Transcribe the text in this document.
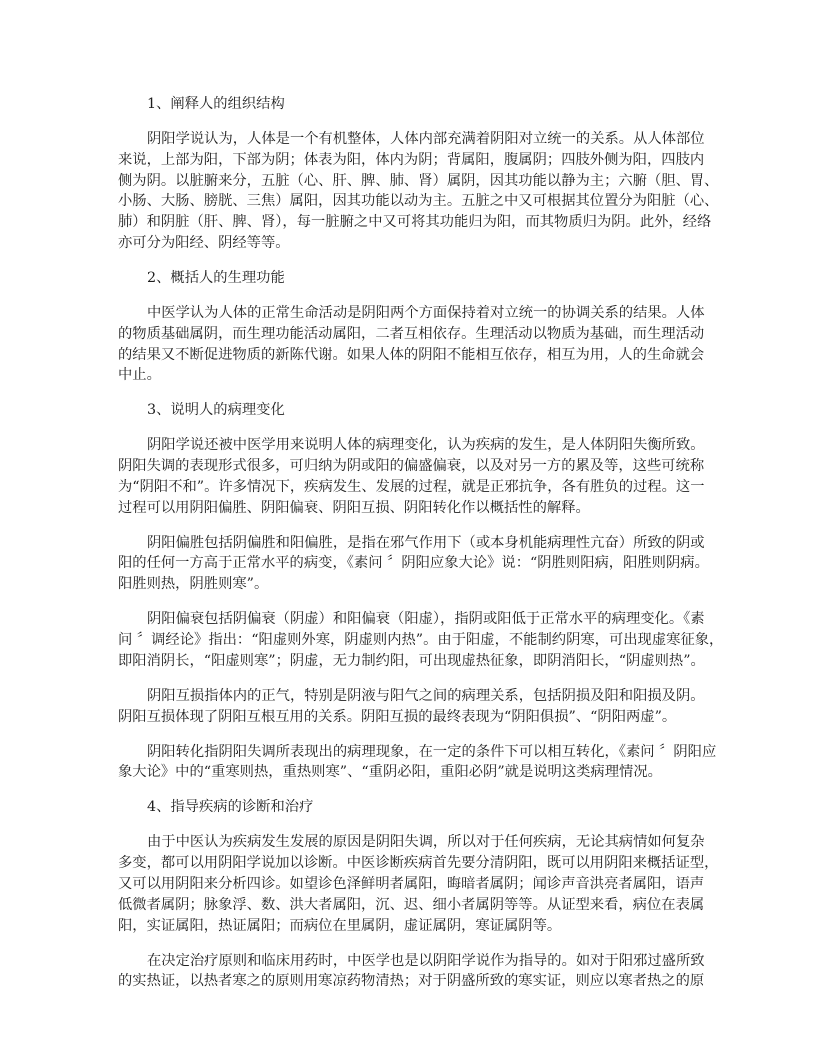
1、阐释人的组织结构
阴阳学说认为，人体是一个有机整体，人体内部充满着阴阳对立统一的关系。从人体部位
来说，上部为阳，下部为阴；体表为阳，体内为阴；背属阳，腹属阴；四肢外侧为阳，四肢内
侧为阴。以脏腑来分，五脏（心、肝、脾、肺、肾）属阴，因其功能以静为主；六腑（胆、胃、
小肠、大肠、膀胱、三焦）属阳，因其功能以动为主。五脏之中又可根据其位置分为阳脏（心、
肺）和阴脏（肝、脾、肾），每一脏腑之中又可将其功能归为阳，而其物质归为阴。此外，经络
亦可分为阳经、阴经等等。
2、概括人的生理功能
中医学认为人体的正常生命活动是阴阳两个方面保持着对立统一的协调关系的结果。人体
的物质基础属阴，而生理功能活动属阳，二者互相依存。生理活动以物质为基础，而生理活动
的结果又不断促进物质的新陈代谢。如果人体的阴阳不能相互依存，相互为用，人的生命就会
中止。
3、说明人的病理变化
阴阳学说还被中医学用来说明人体的病理变化，认为疾病的发生，是人体阴阳失衡所致。
阴阳失调的表现形式很多，可归纳为阴或阳的偏盛偏衰，以及对另一方的累及等，这些可统称
为“阴阳不和”。许多情况下，疾病发生、发展的过程，就是正邪抗争，各有胜负的过程。这一
过程可以用阴阳偏胜、阴阳偏衰、阴阳互损、阴阳转化作以概括性的解释。
阴阳偏胜包括阴偏胜和阳偏胜，是指在邪气作用下（或本身机能病理性亢奋）所致的阴或
阳的任何一方高于正常水平的病变，《素问 〞阴阳应象大论》说：“阴胜则阳病，阳胜则阴病。
阳胜则热，阴胜则寒”。
阴阳偏衰包括阴偏衰（阴虚）和阳偏衰（阳虚），指阴或阳低于正常水平的病理变化。《素
问 〞调经论》指出：“阳虚则外寒，阴虚则内热”。由于阳虚，不能制约阴寒，可出现虚寒征象，
即阳消阴长，“阳虚则寒”；阴虚，无力制约阳，可出现虚热征象，即阴消阳长，“阴虚则热”。
阴阳互损指体内的正气，特别是阴液与阳气之间的病理关系，包括阴损及阳和阳损及阴。
阴阳互损体现了阴阳互根互用的关系。阴阳互损的最终表现为“阴阳俱损”、“阴阳两虚”。
阴阳转化指阴阳失调所表现出的病理现象，在一定的条件下可以相互转化，《素问 〞阴阳应
象大论》中的“重寒则热，重热则寒”、“重阴必阳，重阳必阴”就是说明这类病理情况。
4、指导疾病的诊断和治疗
由于中医认为疾病发生发展的原因是阴阳失调，所以对于任何疾病，无论其病情如何复杂
多变，都可以用阴阳学说加以诊断。中医诊断疾病首先要分清阴阳，既可以用阴阳来概括证型，
又可以用阴阳来分析四诊。如望诊色泽鲜明者属阳，晦暗者属阴；闻诊声音洪亮者属阳，语声
低微者属阴；脉象浮、数、洪大者属阳，沉、迟、细小者属阴等等。从证型来看，病位在表属
阳，实证属阳，热证属阳；而病位在里属阴，虚证属阴，寒证属阴等。
在决定治疗原则和临床用药时，中医学也是以阴阳学说作为指导的。如对于阳邪过盛所致
的实热证，以热者寒之的原则用寒凉药物清热；对于阴盛所致的寒实证，则应以寒者热之的原
